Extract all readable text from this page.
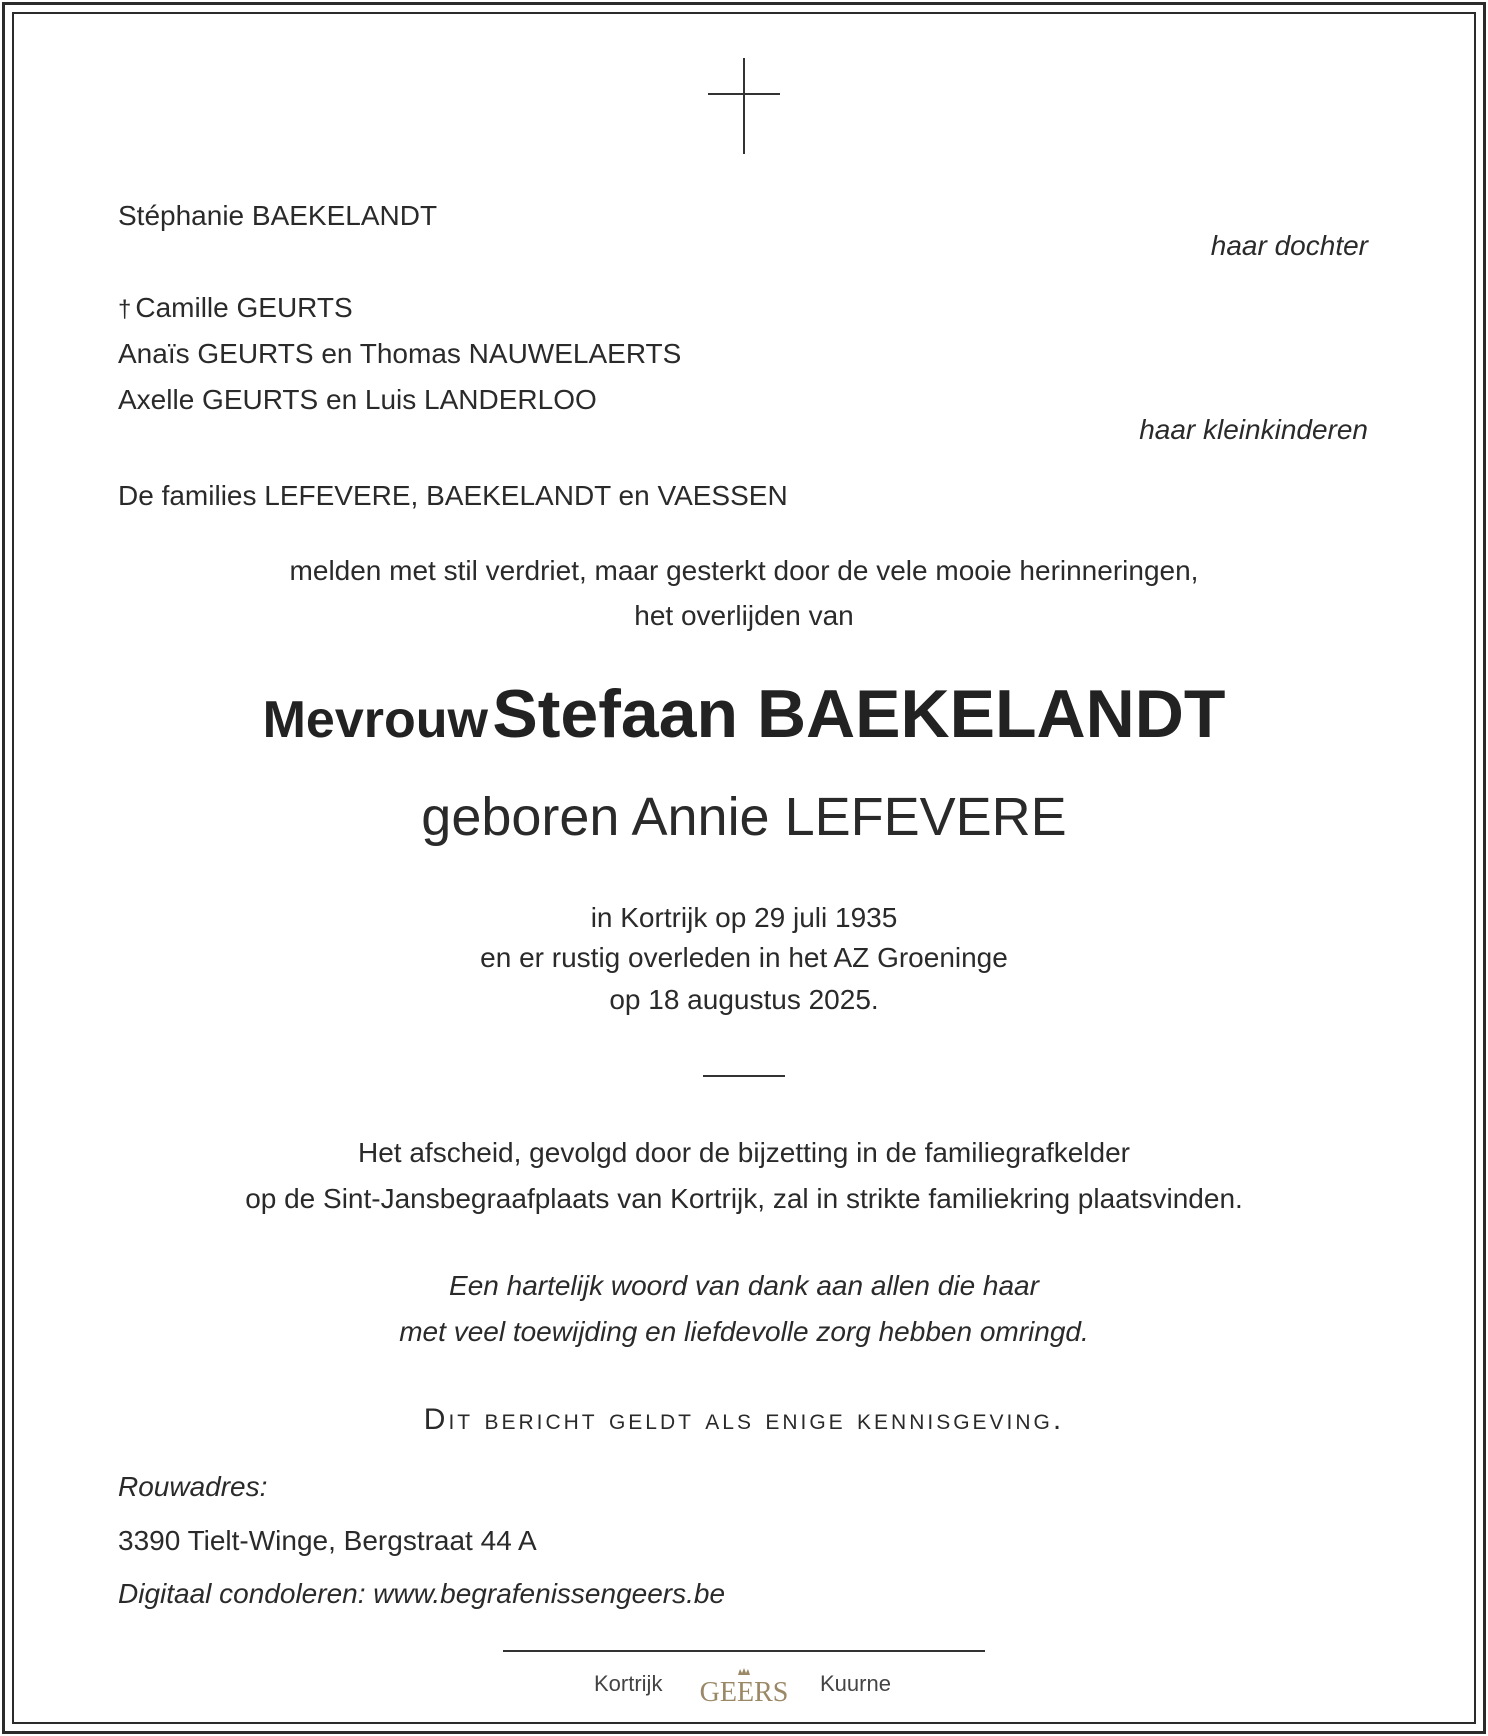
Stéphanie BAEKELANDT
haar dochter
† Camille GEURTS
Anaïs GEURTS en Thomas NAUWELAERTS
Axelle GEURTS en Luis LANDERLOO
haar kleinkinderen
De families LEFEVERE, BAEKELANDT en VAESSEN
melden met stil verdriet, maar gesterkt door de vele mooie herinneringen,
het overlijden van
Mevrouw Stefaan BAEKELANDT
geboren Annie LEFEVERE
in Kortrijk op 29 juli 1935
en er rustig overleden in het AZ Groeninge
op 18 augustus 2025.
Het afscheid, gevolgd door de bijzetting in de familiegrafkelder
op de Sint-Jansbegraafplaats van Kortrijk, zal in strikte familiekring plaatsvinden.
Een hartelijk woord van dank aan allen die haar
met veel toewijding en liefdevolle zorg hebben omringd.
Dit bericht geldt als enige kennisgeving.
Rouwadres:
3390 Tielt-Winge, Bergstraat 44 A
Digitaal condoleren: www.begrafenissengeers.be
Kortrijk	Kuurne
GEERS
